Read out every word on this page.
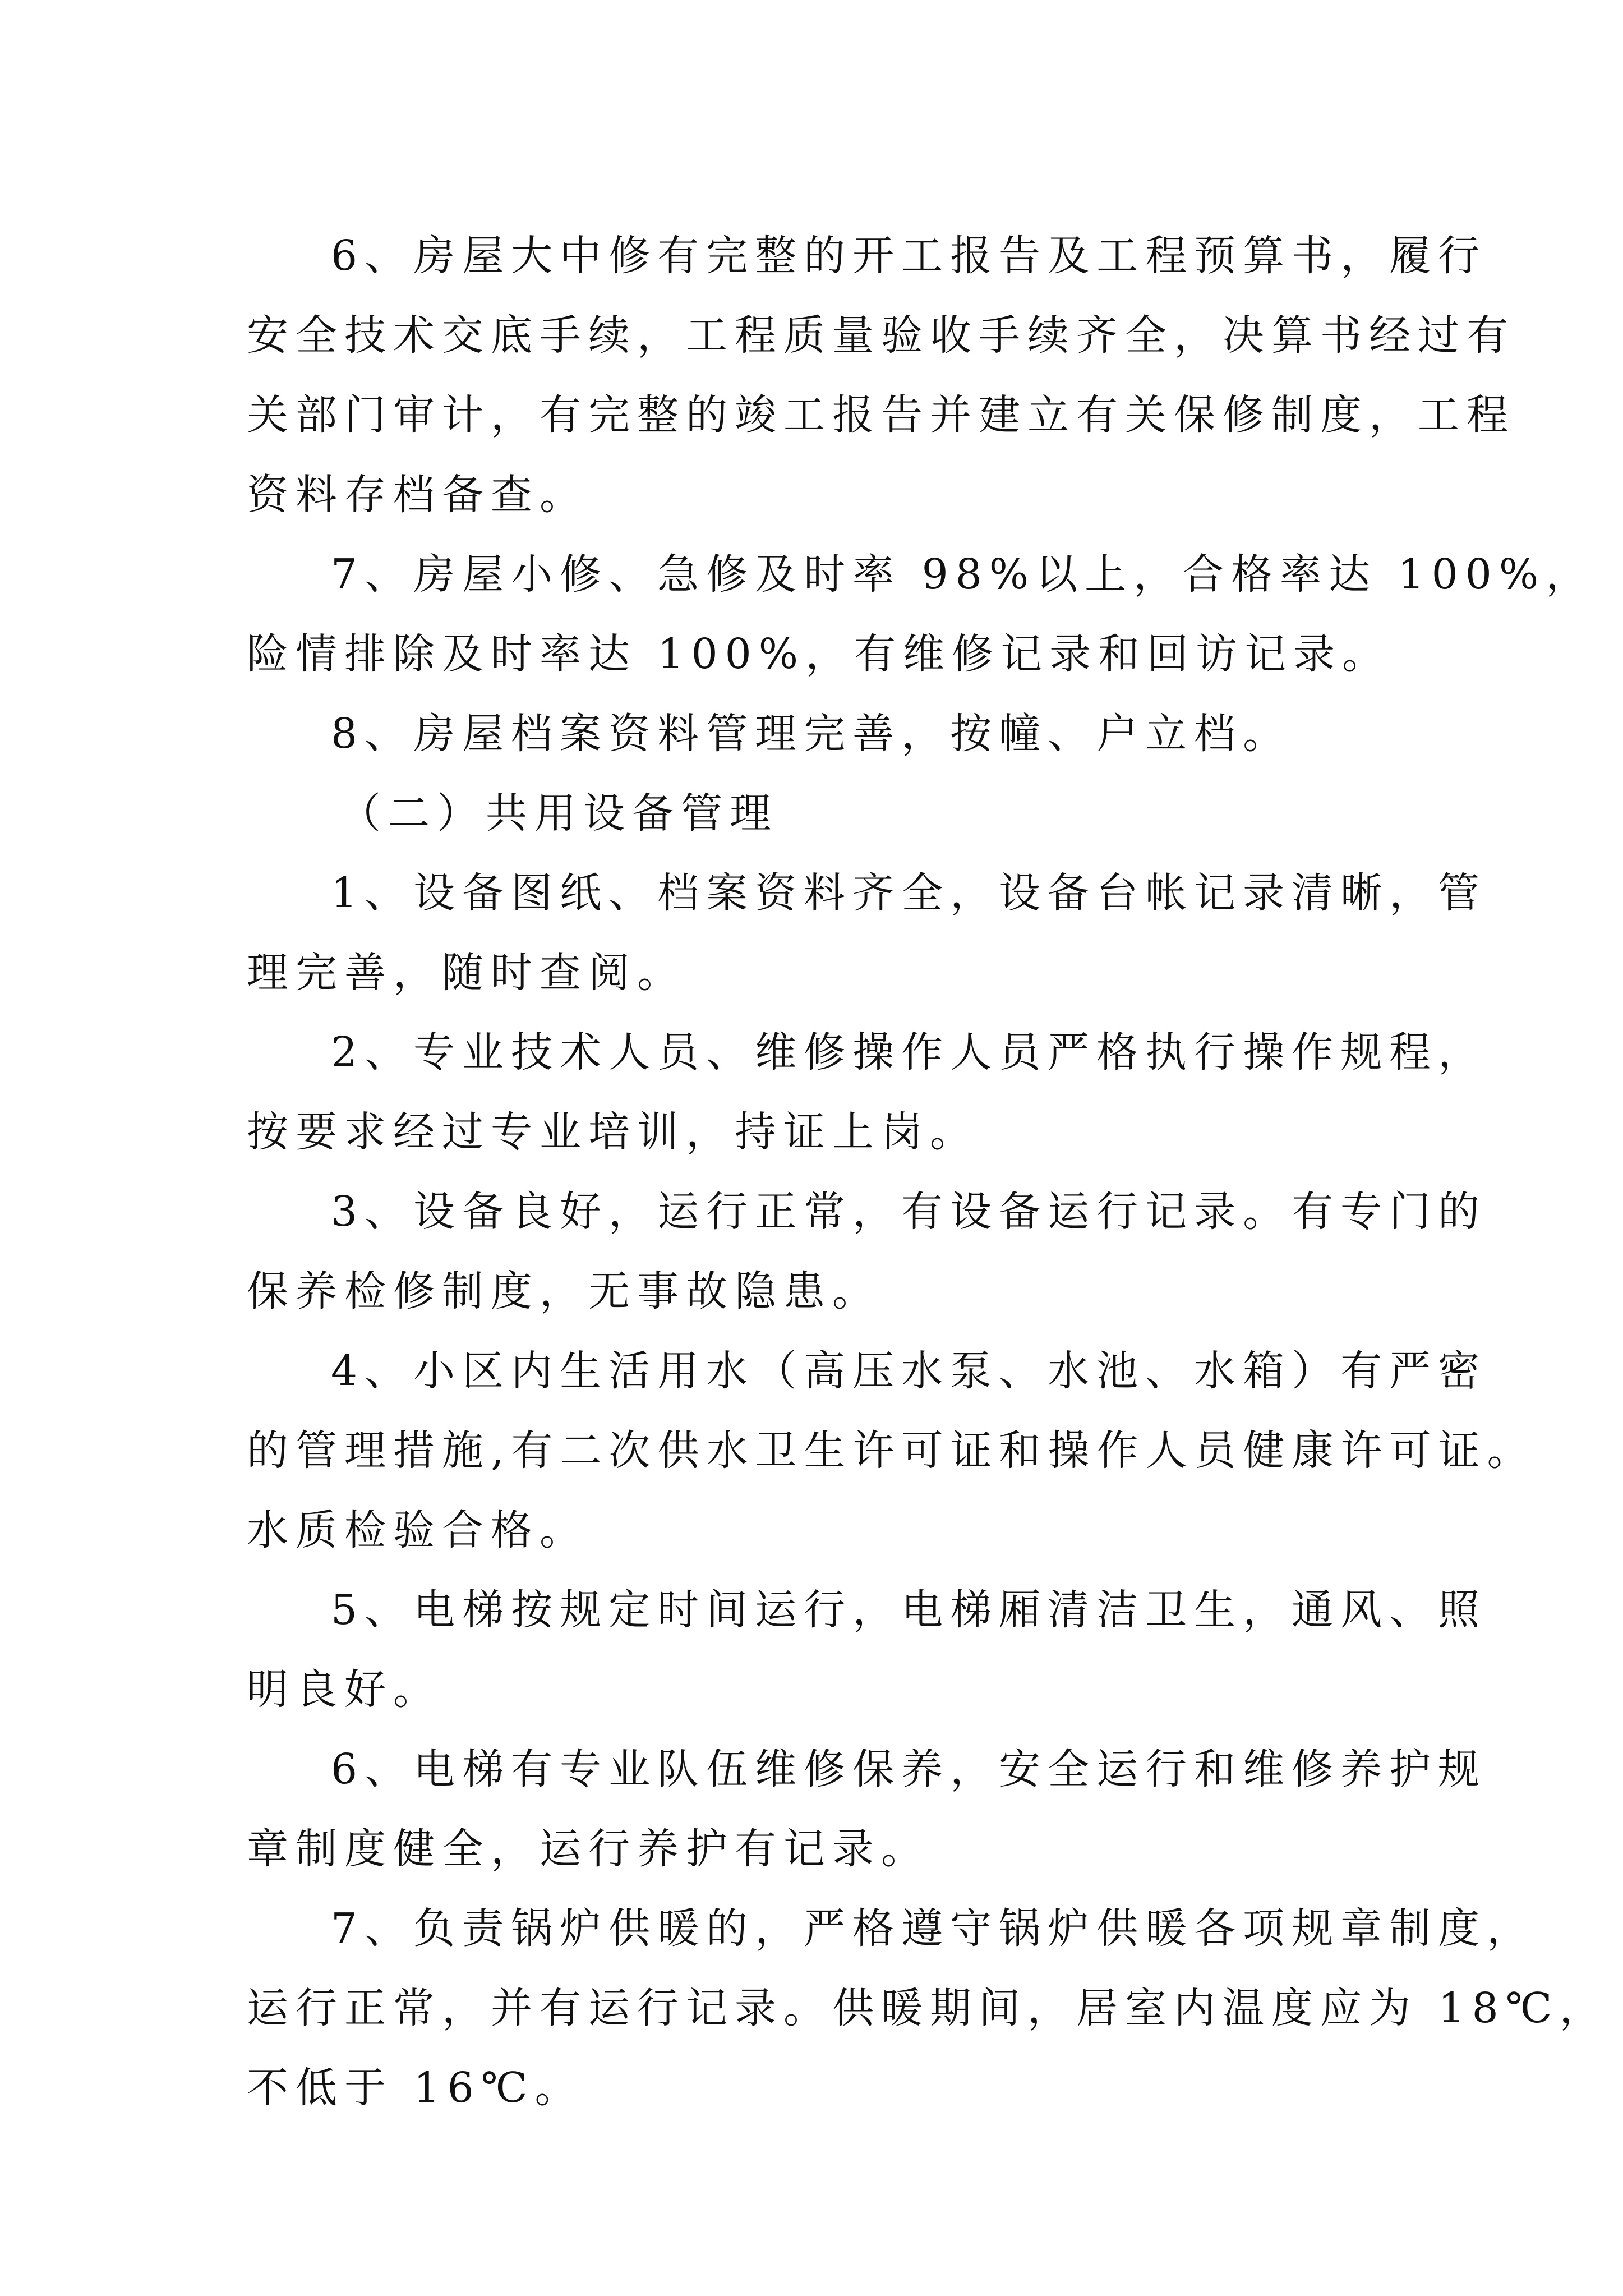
6、房屋大中修有完整的开工报告及工程预算书，履行
安全技术交底手续，工程质量验收手续齐全，决算书经过有
关部门审计，有完整的竣工报告并建立有关保修制度，工程
资料存档备查。
7、房屋小修、急修及时率 98%以上，合格率达 100%，
险情排除及时率达 100%，有维修记录和回访记录。
8、房屋档案资料管理完善，按幢、户立档。
（二）共用设备管理
1、设备图纸、档案资料齐全，设备台帐记录清晰，管
理完善，随时查阅。
2、专业技术人员、维修操作人员严格执行操作规程，
按要求经过专业培训，持证上岗。
3、设备良好，运行正常，有设备运行记录。有专门的
保养检修制度，无事故隐患。
4、小区内生活用水（高压水泵、水池、水箱）有严密
的管理措施,有二次供水卫生许可证和操作人员健康许可证。
水质检验合格。
5、电梯按规定时间运行，电梯厢清洁卫生，通风、照
明良好。
6、电梯有专业队伍维修保养，安全运行和维修养护规
章制度健全，运行养护有记录。
7、负责锅炉供暖的，严格遵守锅炉供暖各项规章制度，
运行正常，并有运行记录。供暖期间，居室内温度应为 18℃，
不低于 16℃。
